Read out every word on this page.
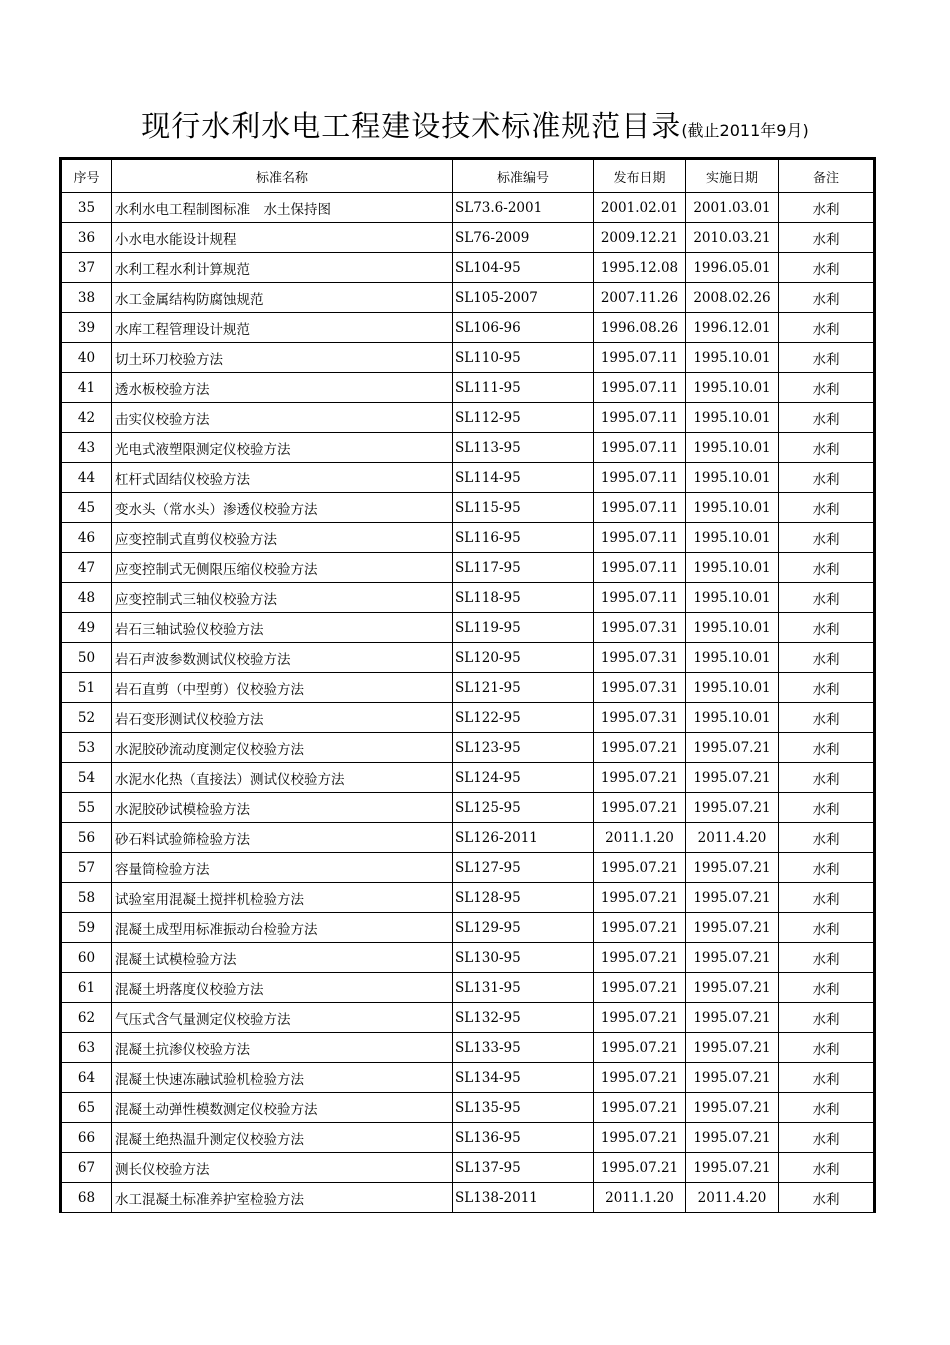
现行水利水电工程建设技术标准规范目录(截止2011年9月)
序号	标准名称	标准编号	发布日期	实施日期	备注
35	水利水电工程制图标准　水土保持图	SL73.6-2001	2001.02.01	2001.03.01	水利
36	小水电水能设计规程	SL76-2009	2009.12.21	2010.03.21	水利
37	水利工程水利计算规范	SL104-95	1995.12.08	1996.05.01	水利
38	水工金属结构防腐蚀规范	SL105-2007	2007.11.26	2008.02.26	水利
39	水库工程管理设计规范	SL106-96	1996.08.26	1996.12.01	水利
40	切土环刀校验方法	SL110-95	1995.07.11	1995.10.01	水利
41	透水板校验方法	SL111-95	1995.07.11	1995.10.01	水利
42	击实仪校验方法	SL112-95	1995.07.11	1995.10.01	水利
43	光电式液塑限测定仪校验方法	SL113-95	1995.07.11	1995.10.01	水利
44	杠杆式固结仪校验方法	SL114-95	1995.07.11	1995.10.01	水利
45	变水头（常水头）渗透仪校验方法	SL115-95	1995.07.11	1995.10.01	水利
46	应变控制式直剪仪校验方法	SL116-95	1995.07.11	1995.10.01	水利
47	应变控制式无侧限压缩仪校验方法	SL117-95	1995.07.11	1995.10.01	水利
48	应变控制式三轴仪校验方法	SL118-95	1995.07.11	1995.10.01	水利
49	岩石三轴试验仪校验方法	SL119-95	1995.07.31	1995.10.01	水利
50	岩石声波参数测试仪校验方法	SL120-95	1995.07.31	1995.10.01	水利
51	岩石直剪（中型剪）仪校验方法	SL121-95	1995.07.31	1995.10.01	水利
52	岩石变形测试仪校验方法	SL122-95	1995.07.31	1995.10.01	水利
53	水泥胶砂流动度测定仪校验方法	SL123-95	1995.07.21	1995.07.21	水利
54	水泥水化热（直接法）测试仪校验方法	SL124-95	1995.07.21	1995.07.21	水利
55	水泥胶砂试模检验方法	SL125-95	1995.07.21	1995.07.21	水利
56	砂石料试验筛检验方法	SL126-2011	2011.1.20	2011.4.20	水利
57	容量筒检验方法	SL127-95	1995.07.21	1995.07.21	水利
58	试验室用混凝土搅拌机检验方法	SL128-95	1995.07.21	1995.07.21	水利
59	混凝土成型用标准振动台检验方法	SL129-95	1995.07.21	1995.07.21	水利
60	混凝土试模检验方法	SL130-95	1995.07.21	1995.07.21	水利
61	混凝土坍落度仪校验方法	SL131-95	1995.07.21	1995.07.21	水利
62	气压式含气量测定仪校验方法	SL132-95	1995.07.21	1995.07.21	水利
63	混凝土抗渗仪校验方法	SL133-95	1995.07.21	1995.07.21	水利
64	混凝土快速冻融试验机检验方法	SL134-95	1995.07.21	1995.07.21	水利
65	混凝土动弹性模数测定仪校验方法	SL135-95	1995.07.21	1995.07.21	水利
66	混凝土绝热温升测定仪校验方法	SL136-95	1995.07.21	1995.07.21	水利
67	测长仪校验方法	SL137-95	1995.07.21	1995.07.21	水利
68	水工混凝土标准养护室检验方法	SL138-2011	2011.1.20	2011.4.20	水利
